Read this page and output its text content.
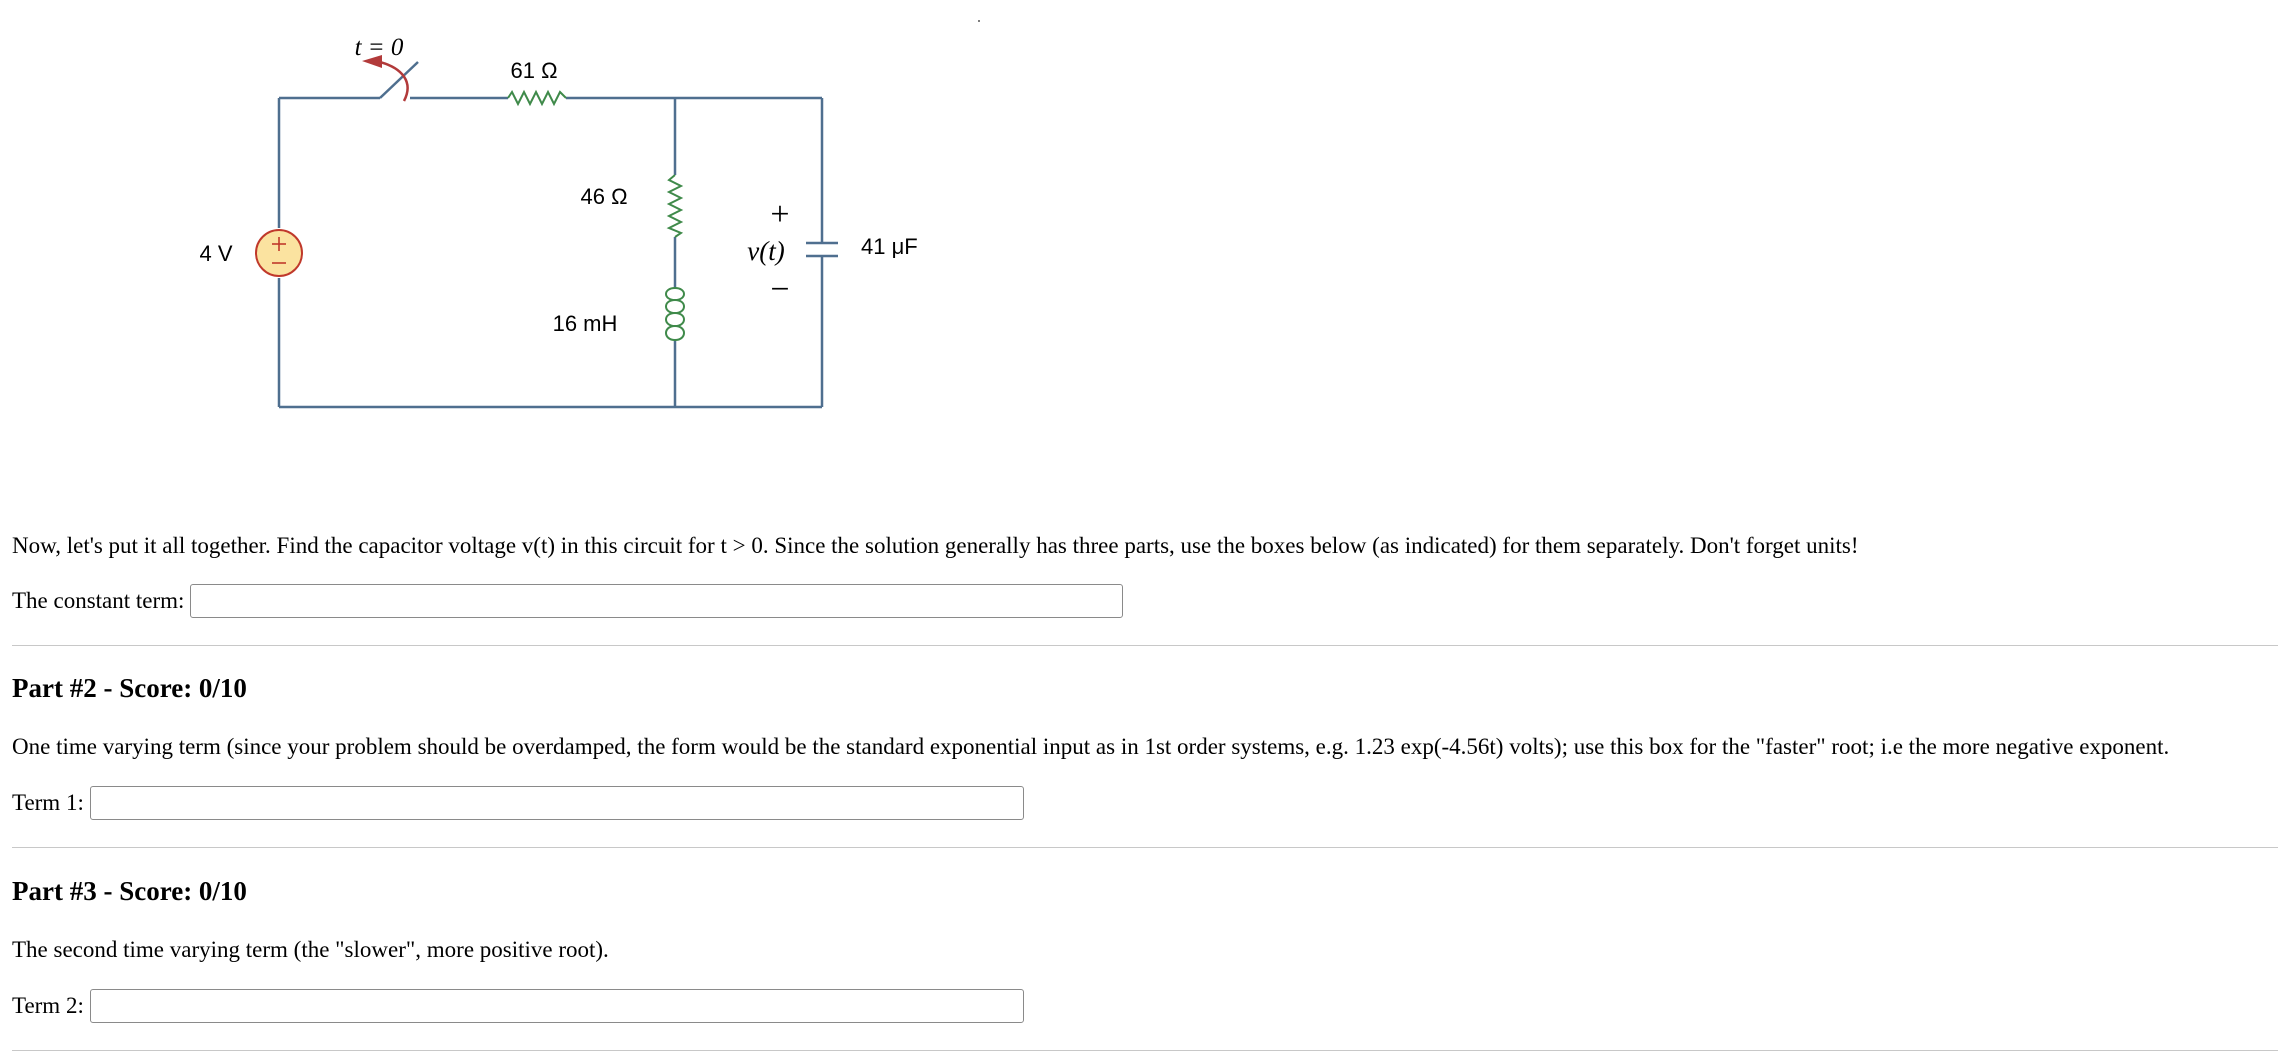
t = 0
61 Ω
46 Ω
16 mH
41 μF
+
v(t)
−
4 V
Now, let's put it all together. Find the capacitor voltage v(t) in this circuit for t > 0. Since the solution generally has three parts, use the boxes below (as indicated) for them separately. Don't forget units!
The constant term:
Part #2 - Score: 0/10

One time varying term (since your problem should be overdamped, the form would be the standard exponential input as in 1st order systems, e.g. 1.23 exp(-4.56t) volts); use this box for the "faster" root; i.e the more negative exponent.

Term 1:
Part #3 - Score: 0/10

The second time varying term (the "slower", more positive root).

Term 2:
